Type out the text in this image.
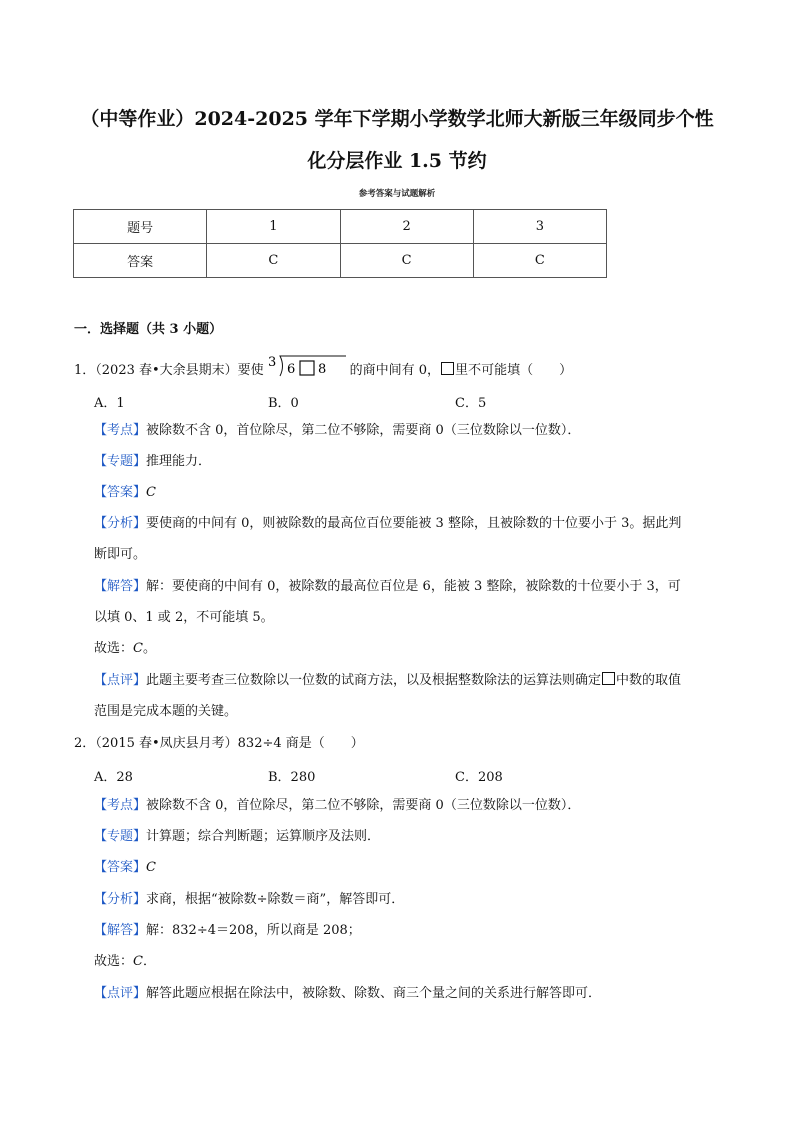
（中等作业）2024-2025 学年下学期小学数学北师大新版三年级同步个性
化分层作业 1.5 节约
参考答案与试题解析
题号	1	2	3
答案	C	C	C
一．选择题（共 3 小题）
1．（2023 春•大余县期末）要使
3 6 8 的商中间有 0， 里不可能填（　　）
A．1	B．0	C．5
【考点】被除数不含 0，首位除尽，第二位不够除，需要商 0（三位数除以一位数）．
【专题】推理能力．
【答案】C
【分析】要使商的中间有 0，则被除数的最高位百位要能被 3 整除，且被除数的十位要小于 3。据此判
断即可。
【解答】解：要使商的中间有 0，被除数的最高位百位是 6，能被 3 整除，被除数的十位要小于 3，可
以填 0、1 或 2，不可能填 5。
故选：C。
【点评】此题主要考查三位数除以一位数的试商方法，以及根据整数除法的运算法则确定 中数的取值
范围是完成本题的关键。
2．（2015 春•凤庆县月考）832÷4 商是（　　）
A．28	B．280	C．208
【考点】被除数不含 0，首位除尽，第二位不够除，需要商 0（三位数除以一位数）．
【专题】计算题；综合判断题；运算顺序及法则．
【答案】C
【分析】求商，根据“被除数÷除数＝商”，解答即可．
【解答】解：832÷4＝208，所以商是 208；
故选：C．
【点评】解答此题应根据在除法中，被除数、除数、商三个量之间的关系进行解答即可．
